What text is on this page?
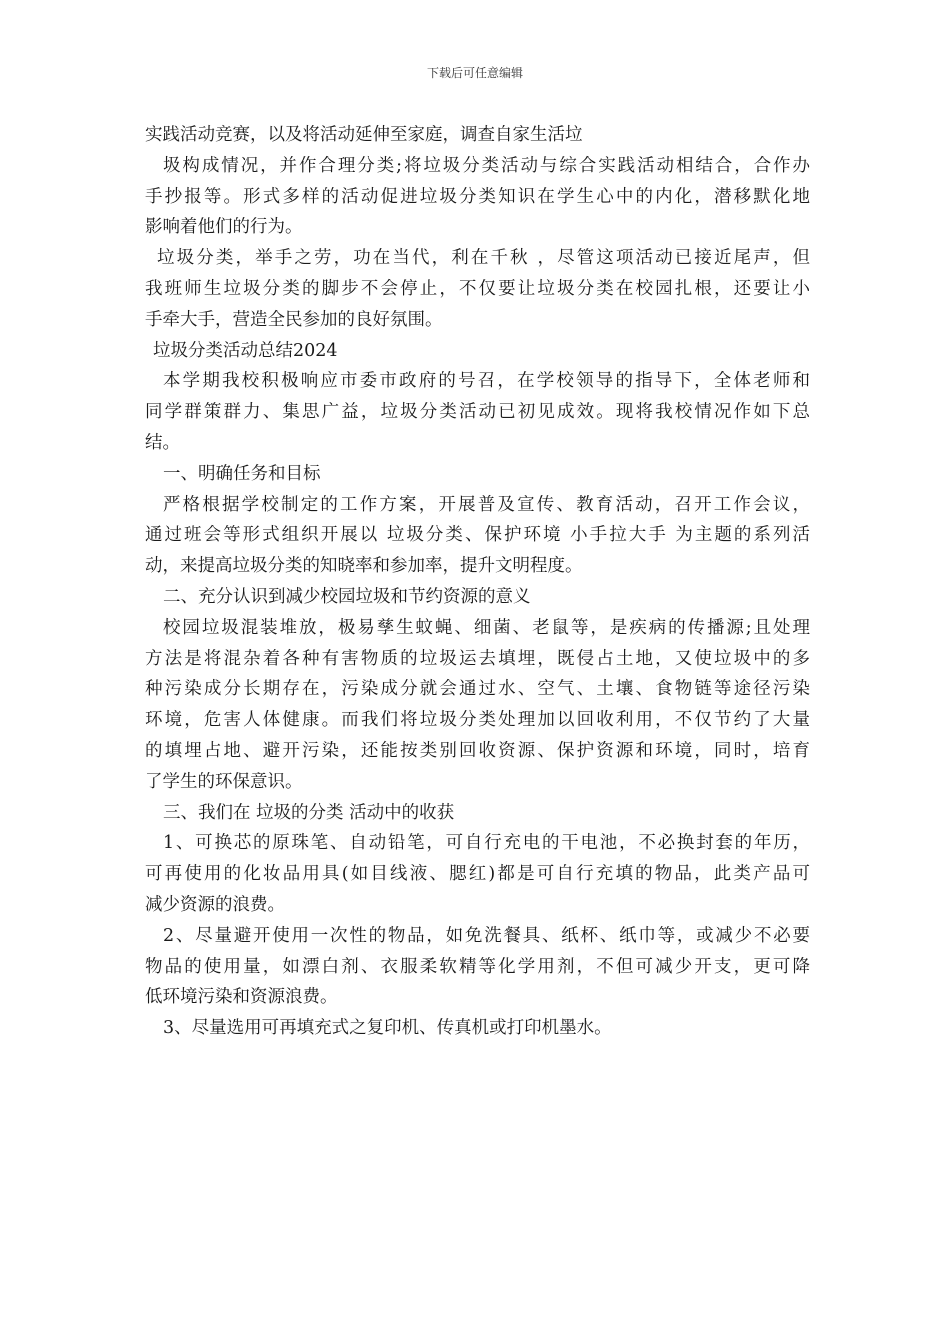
下载后可任意编辑
实践活动竞赛，以及将活动延伸至家庭，调查自家生活垃
圾构成情况，并作合理分类;将垃圾分类活动与综合实践活动相结合，合作办
手抄报等。形式多样的活动促进垃圾分类知识在学生心中的内化，潜移默化地
影响着他们的行为。
垃圾分类，举手之劳，功在当代，利在千秋 ，尽管这项活动已接近尾声，但
我班师生垃圾分类的脚步不会停止，不仅要让垃圾分类在校园扎根，还要让小
手牵大手，营造全民参加的良好氛围。
垃圾分类活动总结2024
本学期我校积极响应市委市政府的号召，在学校领导的指导下，全体老师和
同学群策群力、集思广益，垃圾分类活动已初见成效。现将我校情况作如下总
结。
一、明确任务和目标
严格根据学校制定的工作方案，开展普及宣传、教育活动，召开工作会议，
通过班会等形式组织开展以 垃圾分类、保护环境 小手拉大手 为主题的系列活
动，来提高垃圾分类的知晓率和参加率，提升文明程度。
二、充分认识到减少校园垃圾和节约资源的意义
校园垃圾混装堆放，极易孳生蚊蝇、细菌、老鼠等，是疾病的传播源;且处理
方法是将混杂着各种有害物质的垃圾运去填埋，既侵占土地，又使垃圾中的多
种污染成分长期存在，污染成分就会通过水、空气、土壤、食物链等途径污染
环境，危害人体健康。而我们将垃圾分类处理加以回收利用，不仅节约了大量
的填埋占地、避开污染，还能按类别回收资源、保护资源和环境，同时，培育
了学生的环保意识。
三、我们在 垃圾的分类 活动中的收获
1、可换芯的原珠笔、自动铅笔，可自行充电的干电池，不必换封套的年历，
可再使用的化妆品用具(如目线液、腮红)都是可自行充填的物品，此类产品可
减少资源的浪费。
2、尽量避开使用一次性的物品，如免洗餐具、纸杯、纸巾等，或减少不必要
物品的使用量，如漂白剂、衣服柔软精等化学用剂，不但可减少开支，更可降
低环境污染和资源浪费。
3、尽量选用可再填充式之复印机、传真机或打印机墨水。
